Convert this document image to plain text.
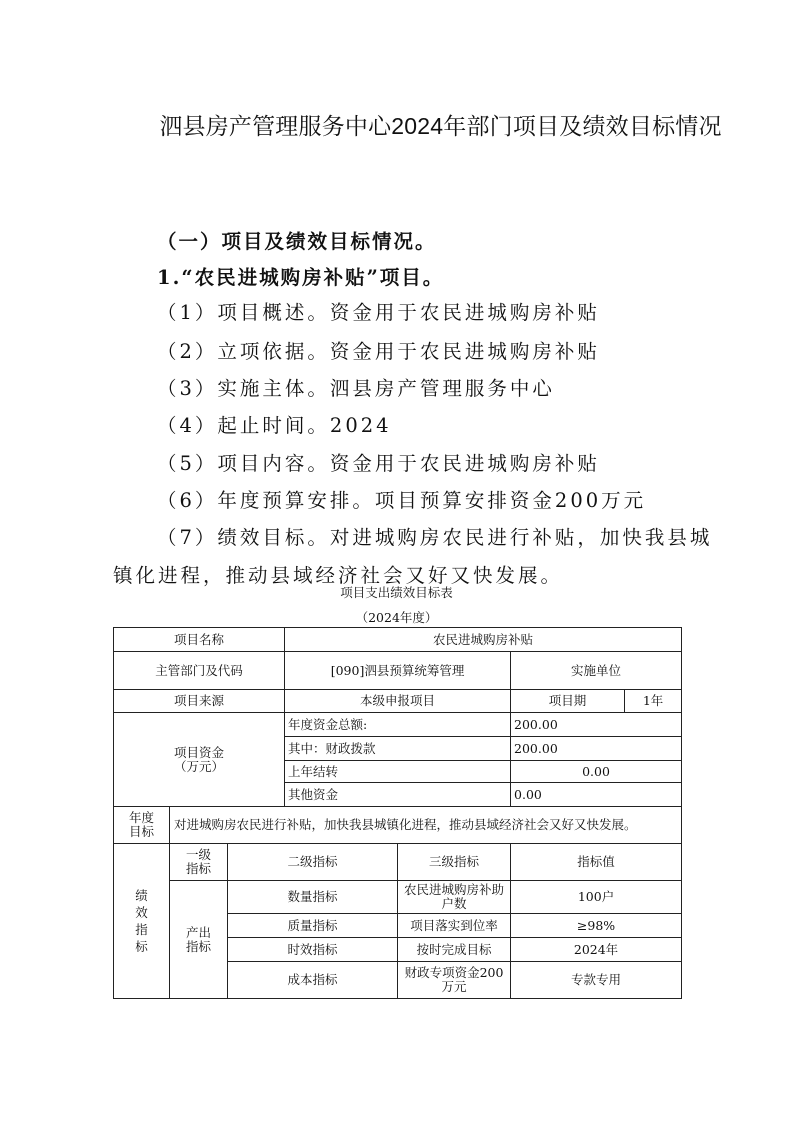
泗县房产管理服务中心2024年部门项目及绩效目标情况
（一）项目及绩效目标情况。
1.“农民进城购房补贴”项目。
（1）项目概述。资金用于农民进城购房补贴
（2）立项依据。资金用于农民进城购房补贴
（3）实施主体。泗县房产管理服务中心
（4）起止时间。2024
（5）项目内容。资金用于农民进城购房补贴
（6）年度预算安排。项目预算安排资金200万元
（7）绩效目标。对进城购房农民进行补贴，加快我县城
镇化进程，推动县域经济社会又好又快发展。
项目支出绩效目标表
（2024年度）
项目名称			农民进城购房补贴		
主管部门及代码			[090]泗县预算统筹管理		实施单位
项目来源			本级申报项目		项目期 1年

项目资金
（万元）			年度资金总额:		200.00
			其中：财政拨款		200.00
			上年结转		0.00
			其他资金		0.00
年度目标	对进城购房农民进行补贴，加快我县城镇化进程，推动县域经济社会又好又快发展。				
绩效指标	一级指标	二级指标		三级指标	指标值
	产出指标	数量指标		农民进城购房补助户数	100户
		质量指标		项目落实到位率	≥98%
		时效指标		按时完成目标	2024年
		成本指标		财政专项资金200万元	专款专用
